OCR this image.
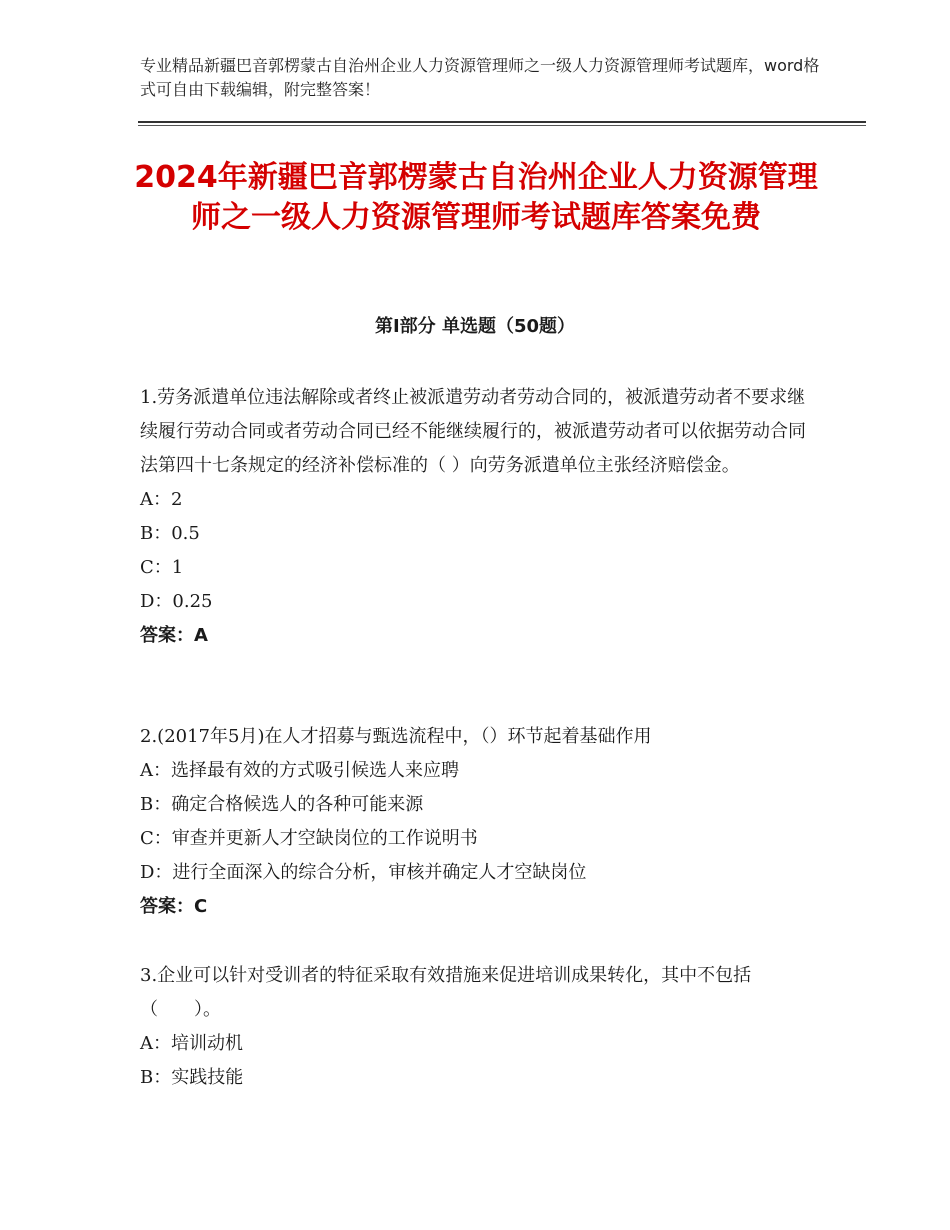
专业精品新疆巴音郭楞蒙古自治州企业人力资源管理师之一级人力资源管理师考试题库，word格式可自由下载编辑，附完整答案！
2024年新疆巴音郭楞蒙古自治州企业人力资源管理师之一级人力资源管理师考试题库答案免费
第Ⅰ部分 单选题（50题）
1.劳务派遣单位违法解除或者终止被派遣劳动者劳动合同的，被派遣劳动者不要求继续履行劳动合同或者劳动合同已经不能继续履行的，被派遣劳动者可以依据劳动合同法第四十七条规定的经济补偿标准的（ ）向劳务派遣单位主张经济赔偿金。
A：2
B：0.5
C：1
D：0.25
答案：A
2.(2017年5月)在人才招募与甄选流程中，（）环节起着基础作用
A：选择最有效的方式吸引候选人来应聘
B：确定合格候选人的各种可能来源
C：审查并更新人才空缺岗位的工作说明书
D：进行全面深入的综合分析，审核并确定人才空缺岗位
答案：C
3.企业可以针对受训者的特征采取有效措施来促进培训成果转化，其中不包括（　　）。
A：培训动机
B：实践技能
